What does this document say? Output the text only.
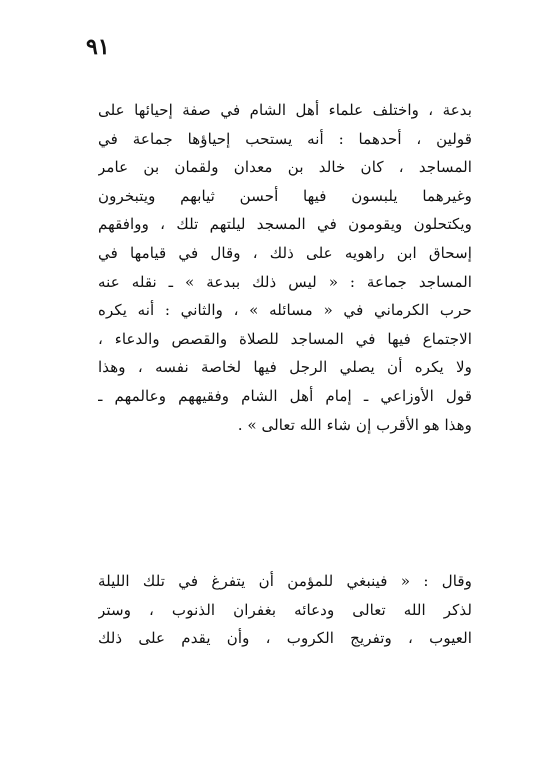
٩١
بدعة ، واختلف علماء أهل الشام في صفة إحيائها على
قولين ، أحدهما : أنه يستحب إحياؤها جماعة في
المساجد ، كان خالد بن معدان ولقمان بن عامر
وغيرهما يلبسون فيها أحسن ثيابهم ويتبخرون
ويكتحلون ويقومون في المسجد ليلتهم تلك ، ووافقهم
إسحاق ابن راهويه على ذلك ، وقال في قيامها في
المساجد جماعة : « ليس ذلك ببدعة » ـ نقله عنه
حرب الكرماني في « مسائله » ، والثاني : أنه يكره
الاجتماع فيها في المساجد للصلاة والقصص والدعاء ،
ولا يكره أن يصلي الرجل فيها لخاصة نفسه ، وهذا
قول الأوزاعي ـ إمام أهل الشام وفقيههم وعالمهم ـ
وهذا هو الأقرب إن شاء الله تعالى » .
وقال : « فينبغي للمؤمن أن يتفرغ في تلك الليلة
لذكر الله تعالى ودعائه بغفران الذنوب ، وستر
العيوب ، وتفريج الكروب ، وأن يقدم على ذلك
